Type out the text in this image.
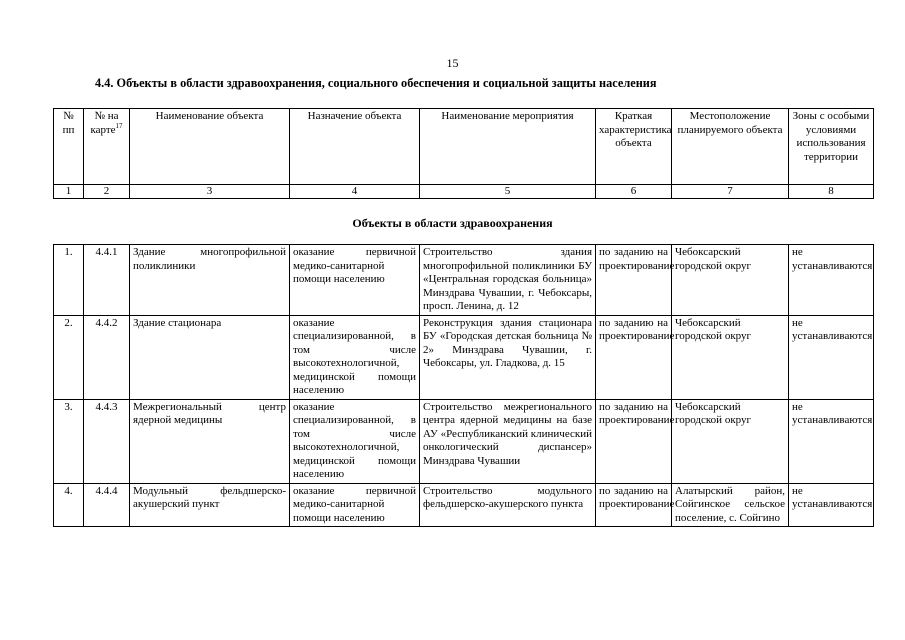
15
4.4. Объекты в области здравоохранения, социального обеспечения и социальной защиты населения
№ пп	№ на карте$^{17}$	Наименование объекта	Назначение объекта	Наименование мероприятия	Краткая характеристика объекта	Местоположение планируемого объекта	Зоны с особыми условиями использования территории
1	2	3	4	5	6	7	8
Объекты в области здравоохранения
1.	4.4.1	Здание многопрофильной поликлиники	оказание первичной медико-санитарной помощи населению	Строительство здания многопрофильной поликлиники БУ «Центральная городская больница» Минздрава Чувашии, г. Чебоксары, просп. Ленина, д. 12	по заданию на проектирование	Чебоксарский городской округ	не устанавливаются
2.	4.4.2	Здание стационара	оказание специализированной, в том числе высокотехнологичной, медицинской помощи населению	Реконструкция здания стационара БУ «Городская детская больница № 2» Минздрава Чувашии, г. Чебоксары, ул. Гладкова, д. 15	по заданию на проектирование	Чебоксарский городской округ	не устанавливаются
3.	4.4.3	Межрегиональный центр ядерной медицины	оказание специализированной, в том числе высокотехнологичной, медицинской помощи населению	Строительство межрегионального центра ядерной медицины на базе АУ «Республиканский клинический онкологический диспансер» Минздрава Чувашии	по заданию на проектирование	Чебоксарский городской округ	не устанавливаются
4.	4.4.4	Модульный фельдшерско-акушерский пункт	оказание первичной медико-санитарной помощи населению	Строительство модульного фельдшерско-акушерского пункта	по заданию на проектирование	Алатырский район, Сойгинское сельское поселение, с. Сойгино	не устанавливаются
